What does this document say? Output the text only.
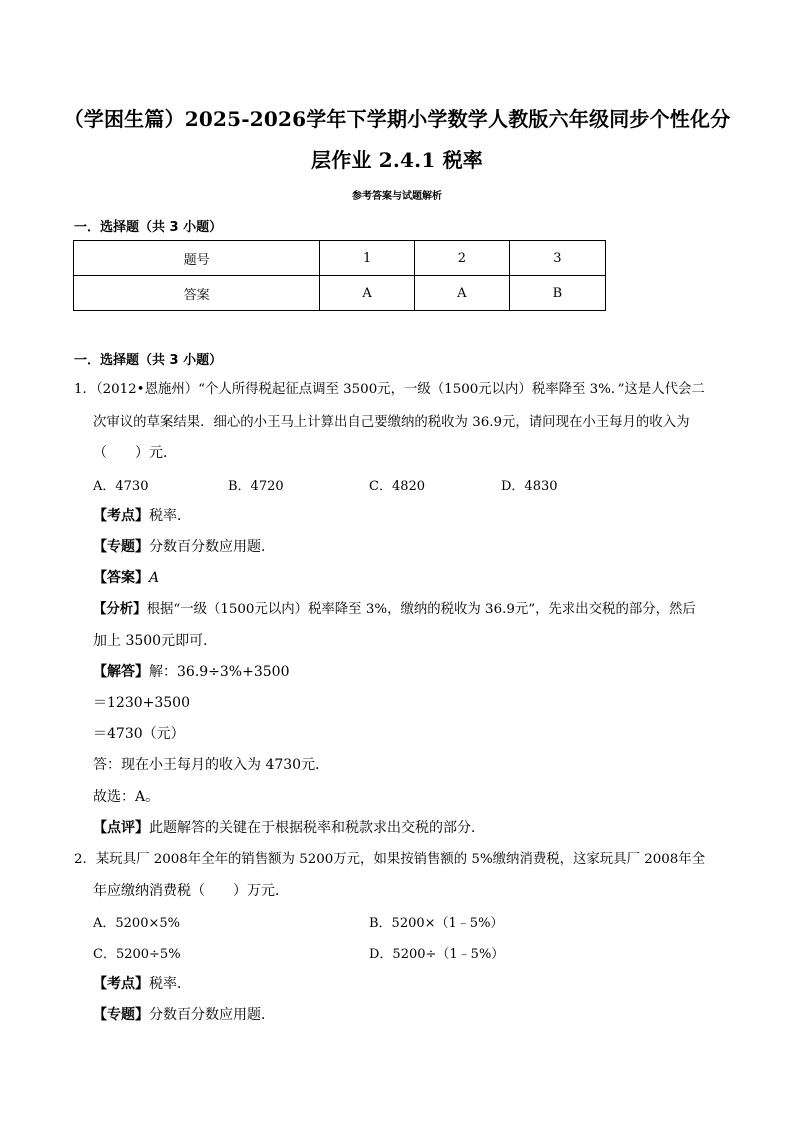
（学困生篇）2025-2026学年下学期小学数学人教版六年级同步个性化分
层作业 2.4.1 税率
参考答案与试题解析
一．选择题（共 3 小题）
题号	1	2	3
答案	A	A	B
一．选择题（共 3 小题）
1．（2012•恩施州）“个人所得税起征点调至 3500元，一级（1500元以内）税率降至 3%．”这是人代会二
次审议的草案结果．细心的小王马上计算出自己要缴纳的税收为 36.9元，请问现在小王每月的收入为
（　　）元．
A．4730	B．4720	C．4820	D．4830
【考点】税率．
【专题】分数百分数应用题．
【答案】A
【分析】根据“一级（1500元以内）税率降至 3%，缴纳的税收为 36.9元”，先求出交税的部分，然后
加上 3500元即可．
【解答】解：36.9÷3%+3500
＝1230+3500
＝4730（元）
答：现在小王每月的收入为 4730元．
故选：A。
【点评】此题解答的关键在于根据税率和税款求出交税的部分．
2．某玩具厂 2008年全年的销售额为 5200万元，如果按销售额的 5%缴纳消费税，这家玩具厂 2008年全
年应缴纳消费税（　　）万元．
A．5200×5%	B．5200×（1﹣5%）
C．5200÷5%	D．5200÷（1﹣5%）
【考点】税率．
【专题】分数百分数应用题．
